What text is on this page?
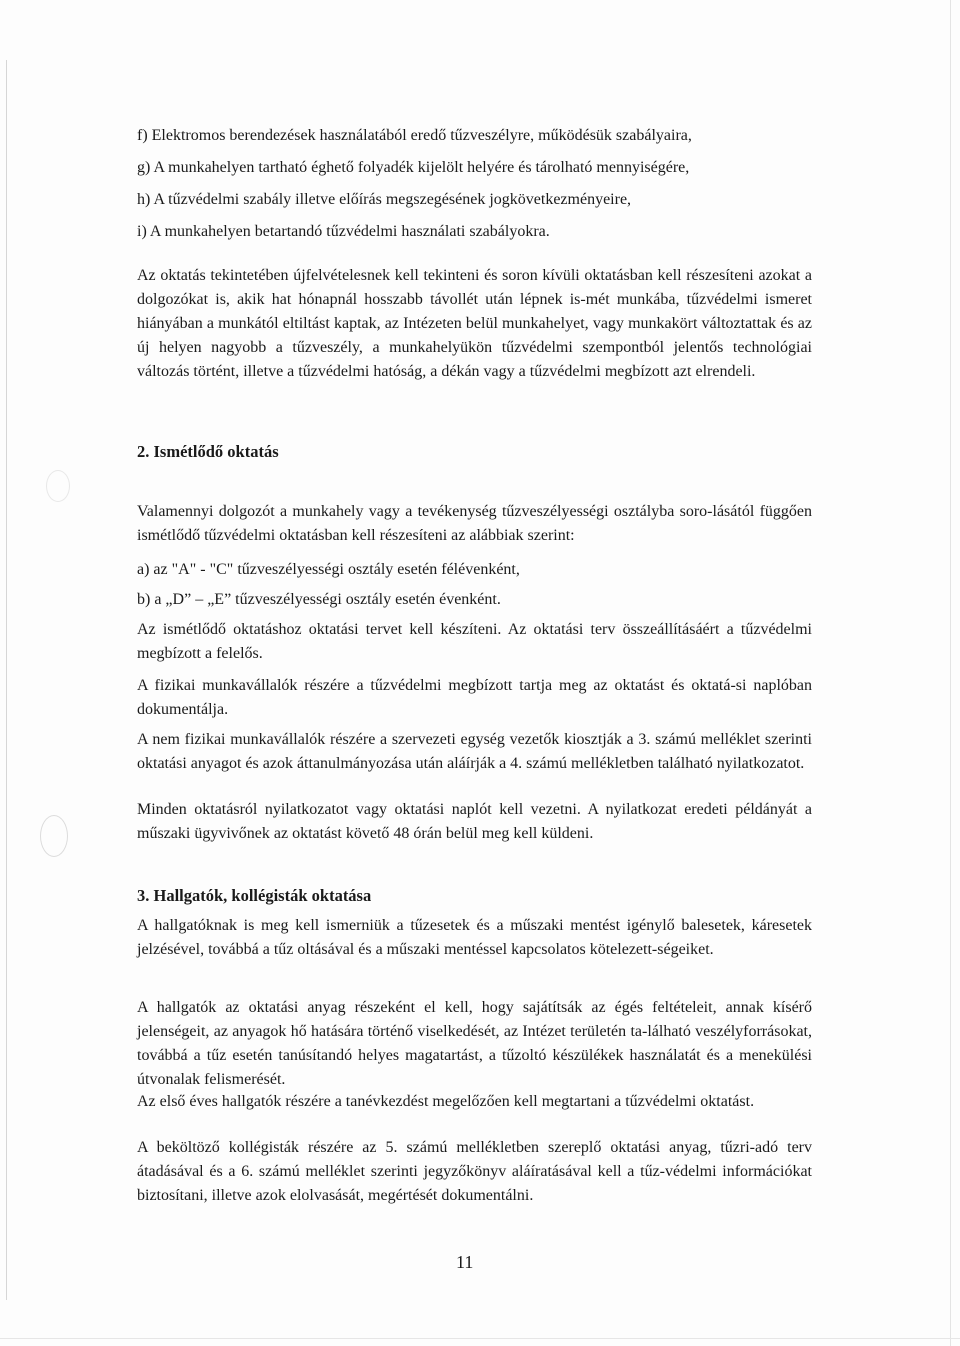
f) Elektromos berendezések használatából eredő tűzveszélyre, működésük szabályaira,

g) A munkahelyen tartható éghető folyadék kijelölt helyére és tárolható mennyiségére,

h) A tűzvédelmi szabály illetve előírás megszegésének jogkövetkezményeire,

i) A munkahelyen betartandó tűzvédelmi használati szabályokra.

Az oktatás tekintetében újfelvételesnek kell tekinteni és soron kívüli oktatásban kell részesíteni azokat a dolgozókat is, akik hat hónapnál hosszabb távollét után lépnek is-mét munkába, tűzvédelmi ismeret hiányában a munkától eltiltást kaptak, az Intézeten belül munkahelyet, vagy munkakört változtattak és az új helyen nagyobb a tűzveszély, a munkahelyükön tűzvédelmi szempontból jelentős technológiai változás történt, illetve a tűzvédelmi hatóság, a dékán vagy a tűzvédelmi megbízott azt elrendeli.

2. Ismétlődő oktatás

Valamennyi dolgozót a munkahely vagy a tevékenység tűzveszélyességi osztályba soro-lásától függően ismétlődő tűzvédelmi oktatásban kell részesíteni az alábbiak szerint:

a) az "A" - "C" tűzveszélyességi osztály esetén félévenként,

b) a „D” – „E” tűzveszélyességi osztály esetén évenként.

Az ismétlődő oktatáshoz oktatási tervet kell készíteni. Az oktatási terv összeállításáért a tűzvédelmi megbízott a felelős.

A fizikai munkavállalók részére a tűzvédelmi megbízott tartja meg az oktatást és oktatá-si naplóban dokumentálja.

A nem fizikai munkavállalók részére a szervezeti egység vezetők kiosztják a 3. számú melléklet szerinti oktatási anyagot és azok áttanulmányozása után aláírják a 4. számú mellékletben található nyilatkozatot.

Minden oktatásról nyilatkozatot vagy oktatási naplót kell vezetni. A nyilatkozat eredeti példányát a műszaki ügyvivőnek az oktatást követő 48 órán belül meg kell küldeni.

3. Hallgatók, kollégisták oktatása

A hallgatóknak is meg kell ismerniük a tűzesetek és a műszaki mentést igénylő balesetek, káresetek jelzésével, továbbá a tűz oltásával és a műszaki mentéssel kapcsolatos kötelezett-ségeiket.

A hallgatók az oktatási anyag részeként el kell, hogy sajátítsák az égés feltételeit, annak kísérő jelenségeit, az anyagok hő hatására történő viselkedését, az Intézet területén ta-lálható veszélyforrásokat, továbbá a tűz esetén tanúsítandó helyes magatartást, a tűzoltó készülékek használatát és a menekülési útvonalak felismerését.

Az első éves hallgatók részére a tanévkezdést megelőzően kell megtartani a tűzvédelmi oktatást.

A beköltöző kollégisták részére az 5. számú mellékletben szereplő oktatási anyag, tűzri-adó terv átadásával és a 6. számú melléklet szerinti jegyzőkönyv aláíratásával kell a tűz-védelmi információkat biztosítani, illetve azok elolvasását, megértését dokumentálni.

11
